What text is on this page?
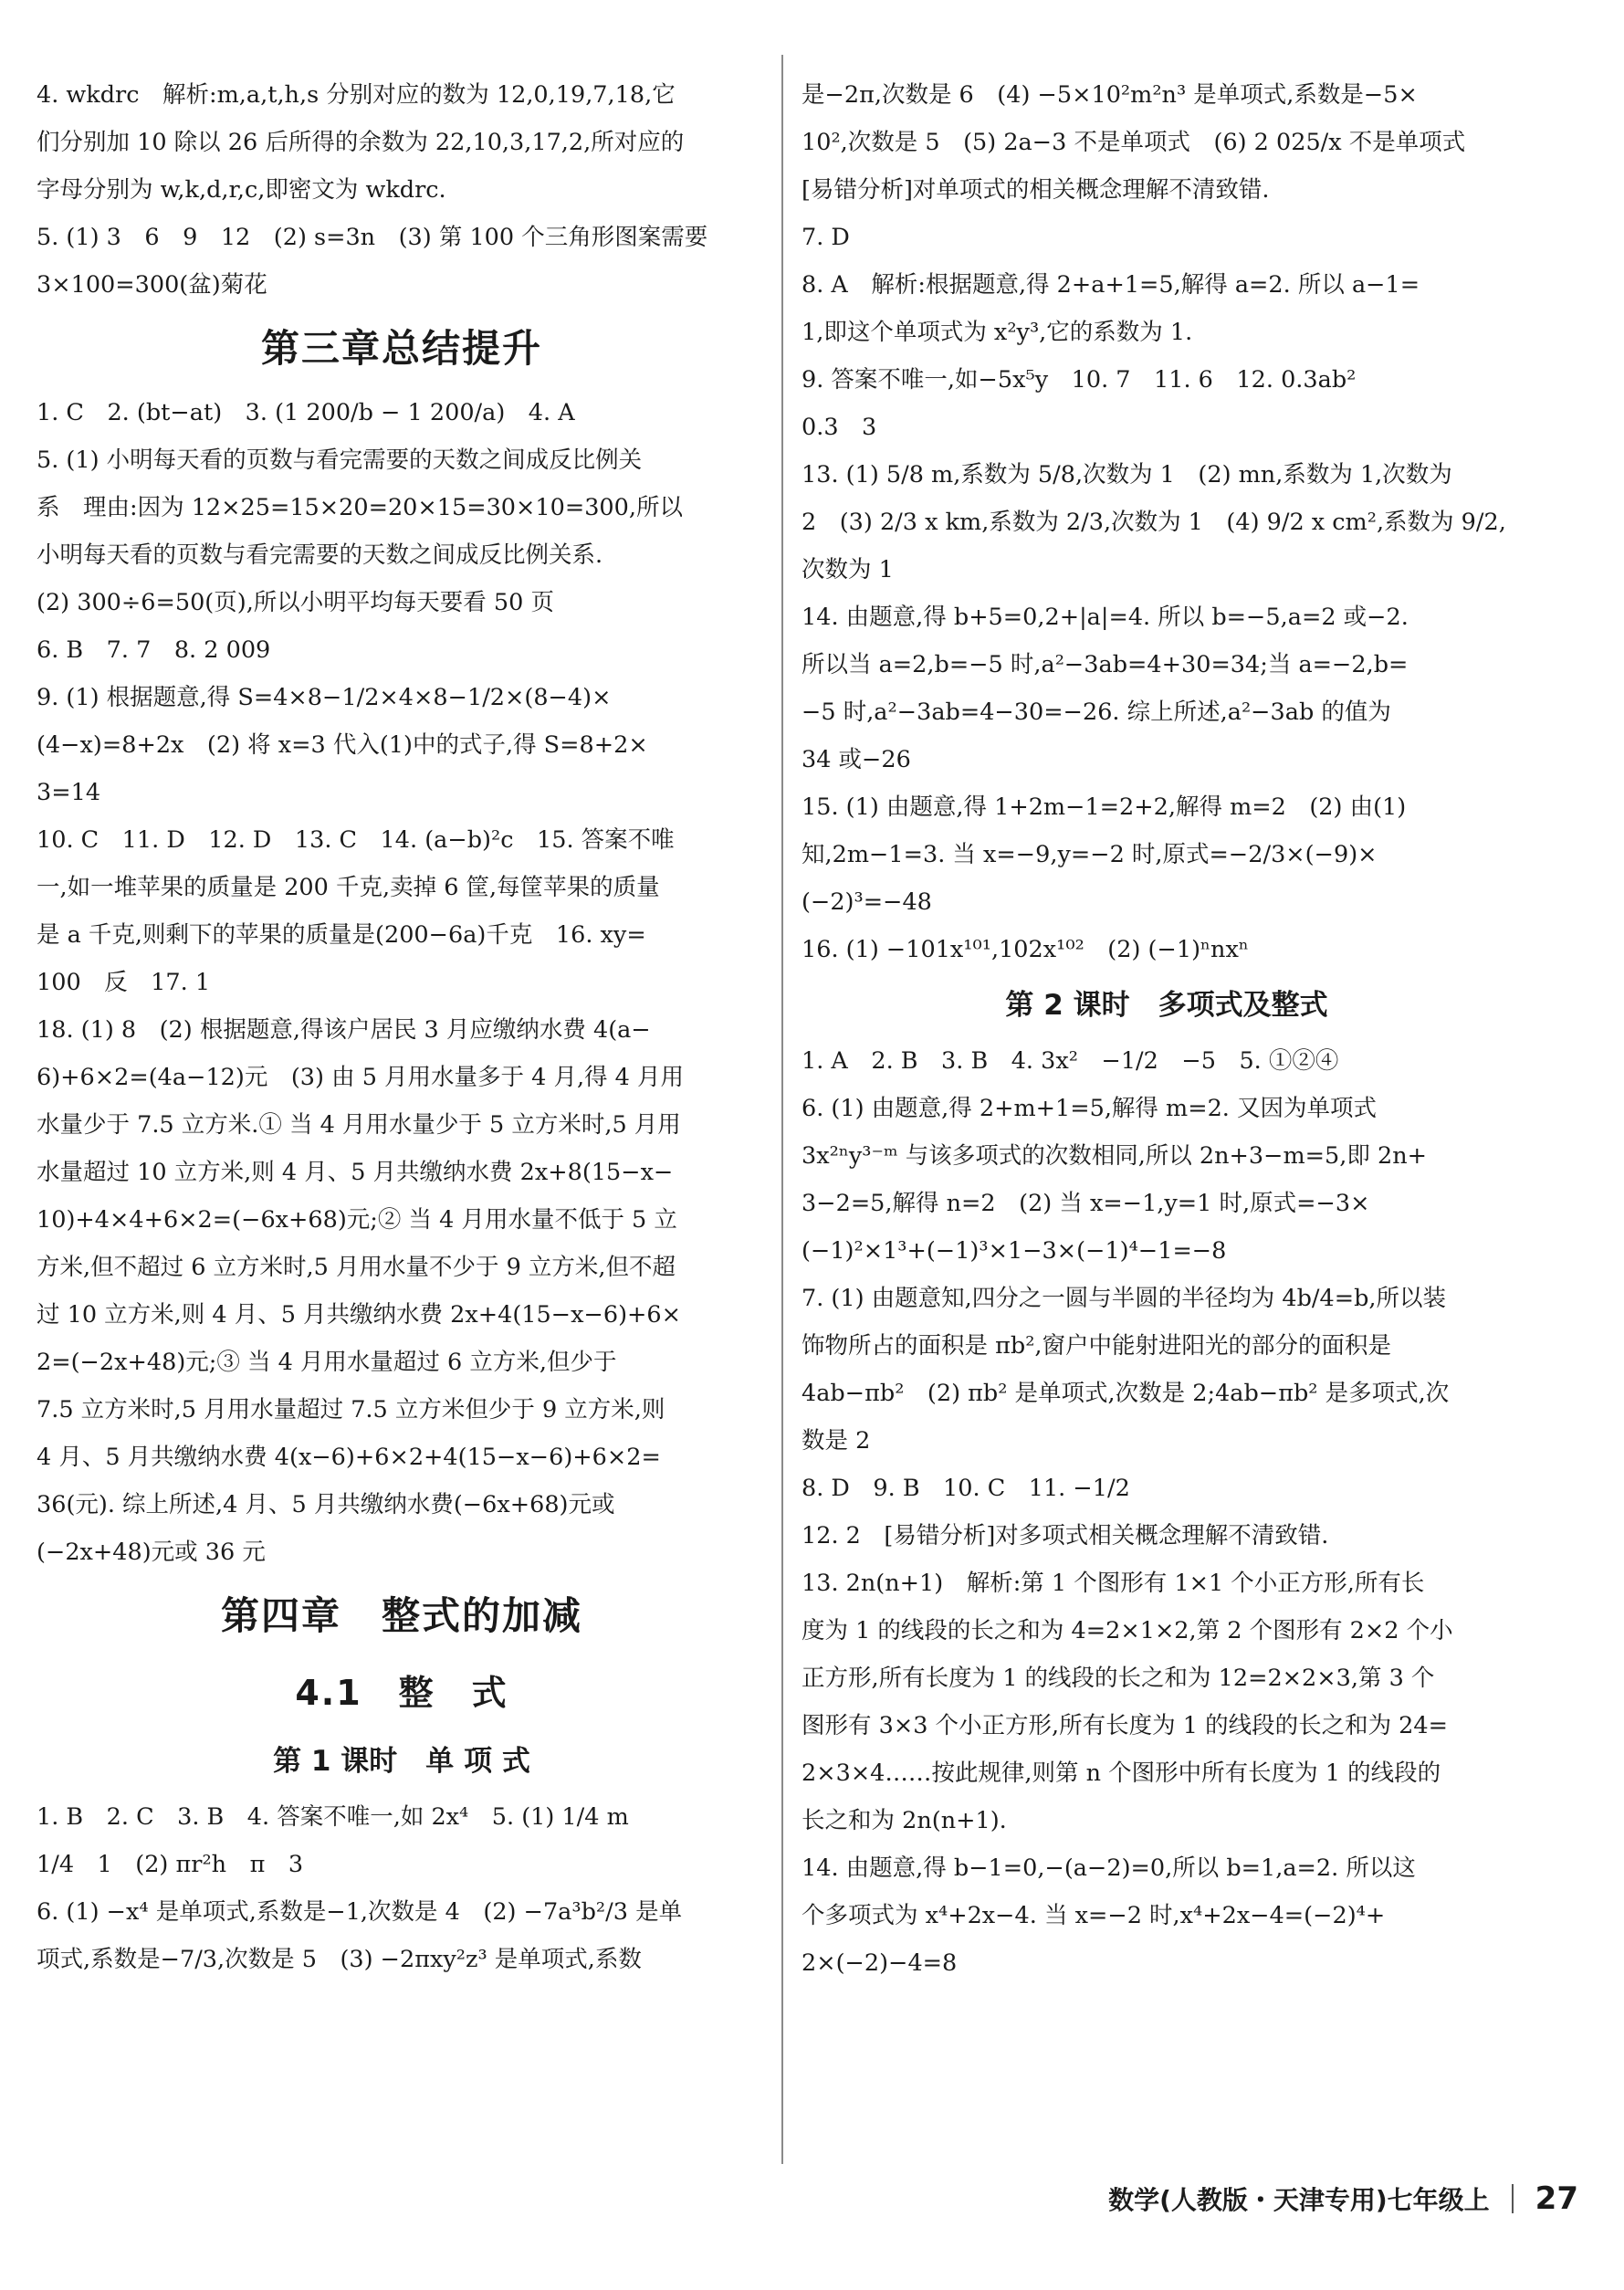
4. wkdrc　解析:m,a,t,h,s 分别对应的数为 12,0,19,7,18,它
们分别加 10 除以 26 后所得的余数为 22,10,3,17,2,所对应的
字母分别为 w,k,d,r,c,即密文为 wkdrc.
5. (1) 3　6　9　12　(2) s=3n　(3) 第 100 个三角形图案需要
3×100=300(盆)菊花
第三章总结提升
1. C　2. (bt−at)　3. (1 200/b − 1 200/a)　4. A
5. (1) 小明每天看的页数与看完需要的天数之间成反比例关
系　理由:因为 12×25=15×20=20×15=30×10=300,所以
小明每天看的页数与看完需要的天数之间成反比例关系.
(2) 300÷6=50(页),所以小明平均每天要看 50 页
6. B　7. 7　8. 2 009
9. (1) 根据题意,得 S=4×8−1/2×4×8−1/2×(8−4)×
(4−x)=8+2x　(2) 将 x=3 代入(1)中的式子,得 S=8+2×
3=14
10. C　11. D　12. D　13. C　14. (a−b)²c　15. 答案不唯
一,如一堆苹果的质量是 200 千克,卖掉 6 筐,每筐苹果的质量
是 a 千克,则剩下的苹果的质量是(200−6a)千克　16. xy=
100　反　17. 1
18. (1) 8　(2) 根据题意,得该户居民 3 月应缴纳水费 4(a−
6)+6×2=(4a−12)元　(3) 由 5 月用水量多于 4 月,得 4 月用
水量少于 7.5 立方米.① 当 4 月用水量少于 5 立方米时,5 月用
水量超过 10 立方米,则 4 月、5 月共缴纳水费 2x+8(15−x−
10)+4×4+6×2=(−6x+68)元;② 当 4 月用水量不低于 5 立
方米,但不超过 6 立方米时,5 月用水量不少于 9 立方米,但不超
过 10 立方米,则 4 月、5 月共缴纳水费 2x+4(15−x−6)+6×
2=(−2x+48)元;③ 当 4 月用水量超过 6 立方米,但少于
7.5 立方米时,5 月用水量超过 7.5 立方米但少于 9 立方米,则
4 月、5 月共缴纳水费 4(x−6)+6×2+4(15−x−6)+6×2=
36(元). 综上所述,4 月、5 月共缴纳水费(−6x+68)元或
(−2x+48)元或 36 元
第四章　整式的加减
4.1　整　式
第 1 课时　单 项 式
1. B　2. C　3. B　4. 答案不唯一,如 2x⁴　5. (1) 1/4 m
1/4　1　(2) πr²h　π　3
6. (1) −x⁴ 是单项式,系数是−1,次数是 4　(2) −7a³b²/3 是单
项式,系数是−7/3,次数是 5　(3) −2πxy²z³ 是单项式,系数
是−2π,次数是 6　(4) −5×10²m²n³ 是单项式,系数是−5×
10²,次数是 5　(5) 2a−3 不是单项式　(6) 2 025/x 不是单项式
[易错分析]对单项式的相关概念理解不清致错.
7. D
8. A　解析:根据题意,得 2+a+1=5,解得 a=2. 所以 a−1=
1,即这个单项式为 x²y³,它的系数为 1.
9. 答案不唯一,如−5x⁵y　10. 7　11. 6　12. 0.3ab²
0.3　3
13. (1) 5/8 m,系数为 5/8,次数为 1　(2) mn,系数为 1,次数为
2　(3) 2/3 x km,系数为 2/3,次数为 1　(4) 9/2 x cm²,系数为 9/2,
次数为 1
14. 由题意,得 b+5=0,2+|a|=4. 所以 b=−5,a=2 或−2.
所以当 a=2,b=−5 时,a²−3ab=4+30=34;当 a=−2,b=
−5 时,a²−3ab=4−30=−26. 综上所述,a²−3ab 的值为
34 或−26
15. (1) 由题意,得 1+2m−1=2+2,解得 m=2　(2) 由(1)
知,2m−1=3. 当 x=−9,y=−2 时,原式=−2/3×(−9)×
(−2)³=−48
16. (1) −101x¹⁰¹,102x¹⁰²　(2) (−1)ⁿnxⁿ
第 2 课时　多项式及整式
1. A　2. B　3. B　4. 3x²　−1/2　−5　5. ①②④
6. (1) 由题意,得 2+m+1=5,解得 m=2. 又因为单项式
3x²ⁿy³⁻ᵐ 与该多项式的次数相同,所以 2n+3−m=5,即 2n+
3−2=5,解得 n=2　(2) 当 x=−1,y=1 时,原式=−3×
(−1)²×1³+(−1)³×1−3×(−1)⁴−1=−8
7. (1) 由题意知,四分之一圆与半圆的半径均为 4b/4=b,所以装
饰物所占的面积是 πb²,窗户中能射进阳光的部分的面积是
4ab−πb²　(2) πb² 是单项式,次数是 2;4ab−πb² 是多项式,次
数是 2
8. D　9. B　10. C　11. −1/2
12. 2　[易错分析]对多项式相关概念理解不清致错.
13. 2n(n+1)　解析:第 1 个图形有 1×1 个小正方形,所有长
度为 1 的线段的长之和为 4=2×1×2,第 2 个图形有 2×2 个小
正方形,所有长度为 1 的线段的长之和为 12=2×2×3,第 3 个
图形有 3×3 个小正方形,所有长度为 1 的线段的长之和为 24=
2×3×4……按此规律,则第 n 个图形中所有长度为 1 的线段的
长之和为 2n(n+1).
14. 由题意,得 b−1=0,−(a−2)=0,所以 b=1,a=2. 所以这
个多项式为 x⁴+2x−4. 当 x=−2 时,x⁴+2x−4=(−2)⁴+
2×(−2)−4=8
数学(人教版・天津专用)七年级上 27
